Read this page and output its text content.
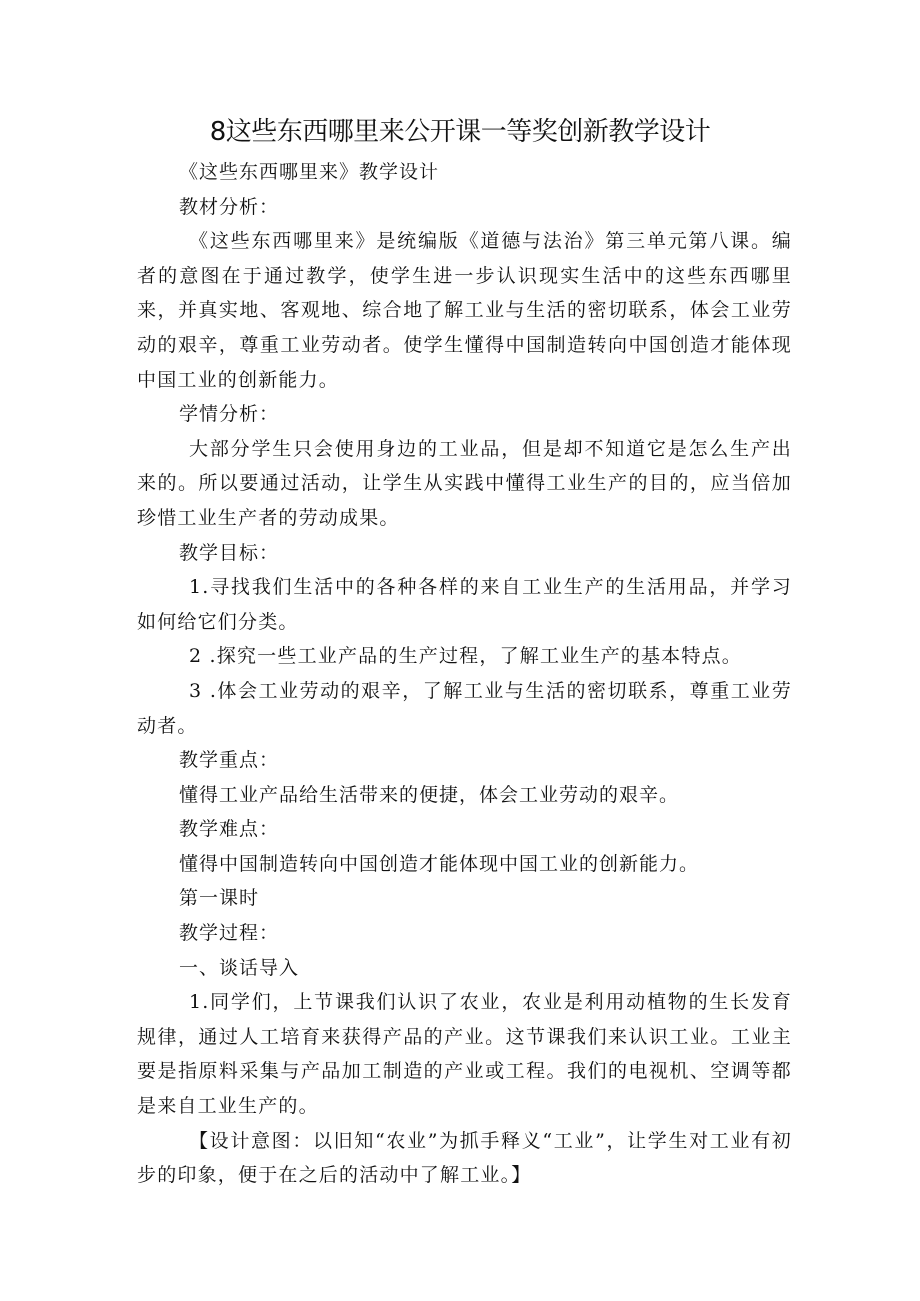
8这些东西哪里来公开课一等奖创新教学设计

《这些东西哪里来》教学设计

教材分析：

《这些东西哪里来》是统编版《道德与法治》第三单元第八课。编者的意图在于通过教学，使学生进一步认识现实生活中的这些东西哪里来，并真实地、客观地、综合地了解工业与生活的密切联系，体会工业劳动的艰辛，尊重工业劳动者。使学生懂得中国制造转向中国创造才能体现中国工业的创新能力。

学情分析：

大部分学生只会使用身边的工业品，但是却不知道它是怎么生产出来的。所以要通过活动，让学生从实践中懂得工业生产的目的，应当倍加珍惜工业生产者的劳动成果。

教学目标：

1.寻找我们生活中的各种各样的来自工业生产的生活用品，并学习如何给它们分类。

2 .探究一些工业产品的生产过程，了解工业生产的基本特点。

3 .体会工业劳动的艰辛，了解工业与生活的密切联系，尊重工业劳动者。

教学重点：

懂得工业产品给生活带来的便捷，体会工业劳动的艰辛。

教学难点：

懂得中国制造转向中国创造才能体现中国工业的创新能力。

第一课时

教学过程：

一、谈话导入

1.同学们，上节课我们认识了农业，农业是利用动植物的生长发育规律，通过人工培育来获得产品的产业。这节课我们来认识工业。工业主要是指原料采集与产品加工制造的产业或工程。我们的电视机、空调等都是来自工业生产的。

【设计意图：以旧知“农业”为抓手释义“工业”，让学生对工业有初步的印象，便于在之后的活动中了解工业。】
